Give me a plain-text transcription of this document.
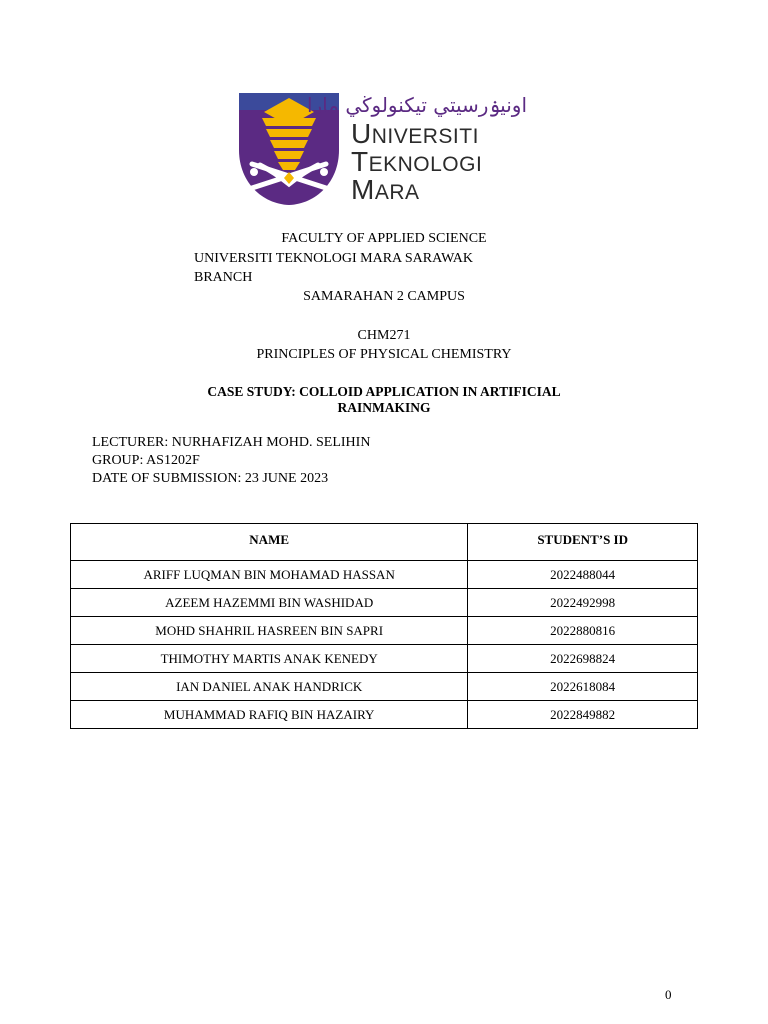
اونيۏرسيتي تيكنولوڬي مارا
UNIVERSITI
TEKNOLOGI
MARA
FACULTY OF APPLIED SCIENCE
UNIVERSITI TEKNOLOGI MARA SARAWAK
BRANCH
SAMARAHAN 2 CAMPUS
CHM271
PRINCIPLES OF PHYSICAL CHEMISTRY
CASE STUDY: COLLOID APPLICATION IN ARTIFICIAL
RAINMAKING
LECTURER: NURHAFIZAH MOHD. SELIHIN
GROUP: AS1202F
DATE OF SUBMISSION: 23 JUNE 2023
NAME	STUDENT’S ID
ARIFF LUQMAN BIN MOHAMAD HASSAN	2022488044
AZEEM HAZEMMI BIN WASHIDAD	2022492998
MOHD SHAHRIL HASREEN BIN SAPRI	2022880816
THIMOTHY MARTIS ANAK KENEDY	2022698824
IAN DANIEL ANAK HANDRICK	2022618084
MUHAMMAD RAFIQ BIN HAZAIRY	2022849882
0
